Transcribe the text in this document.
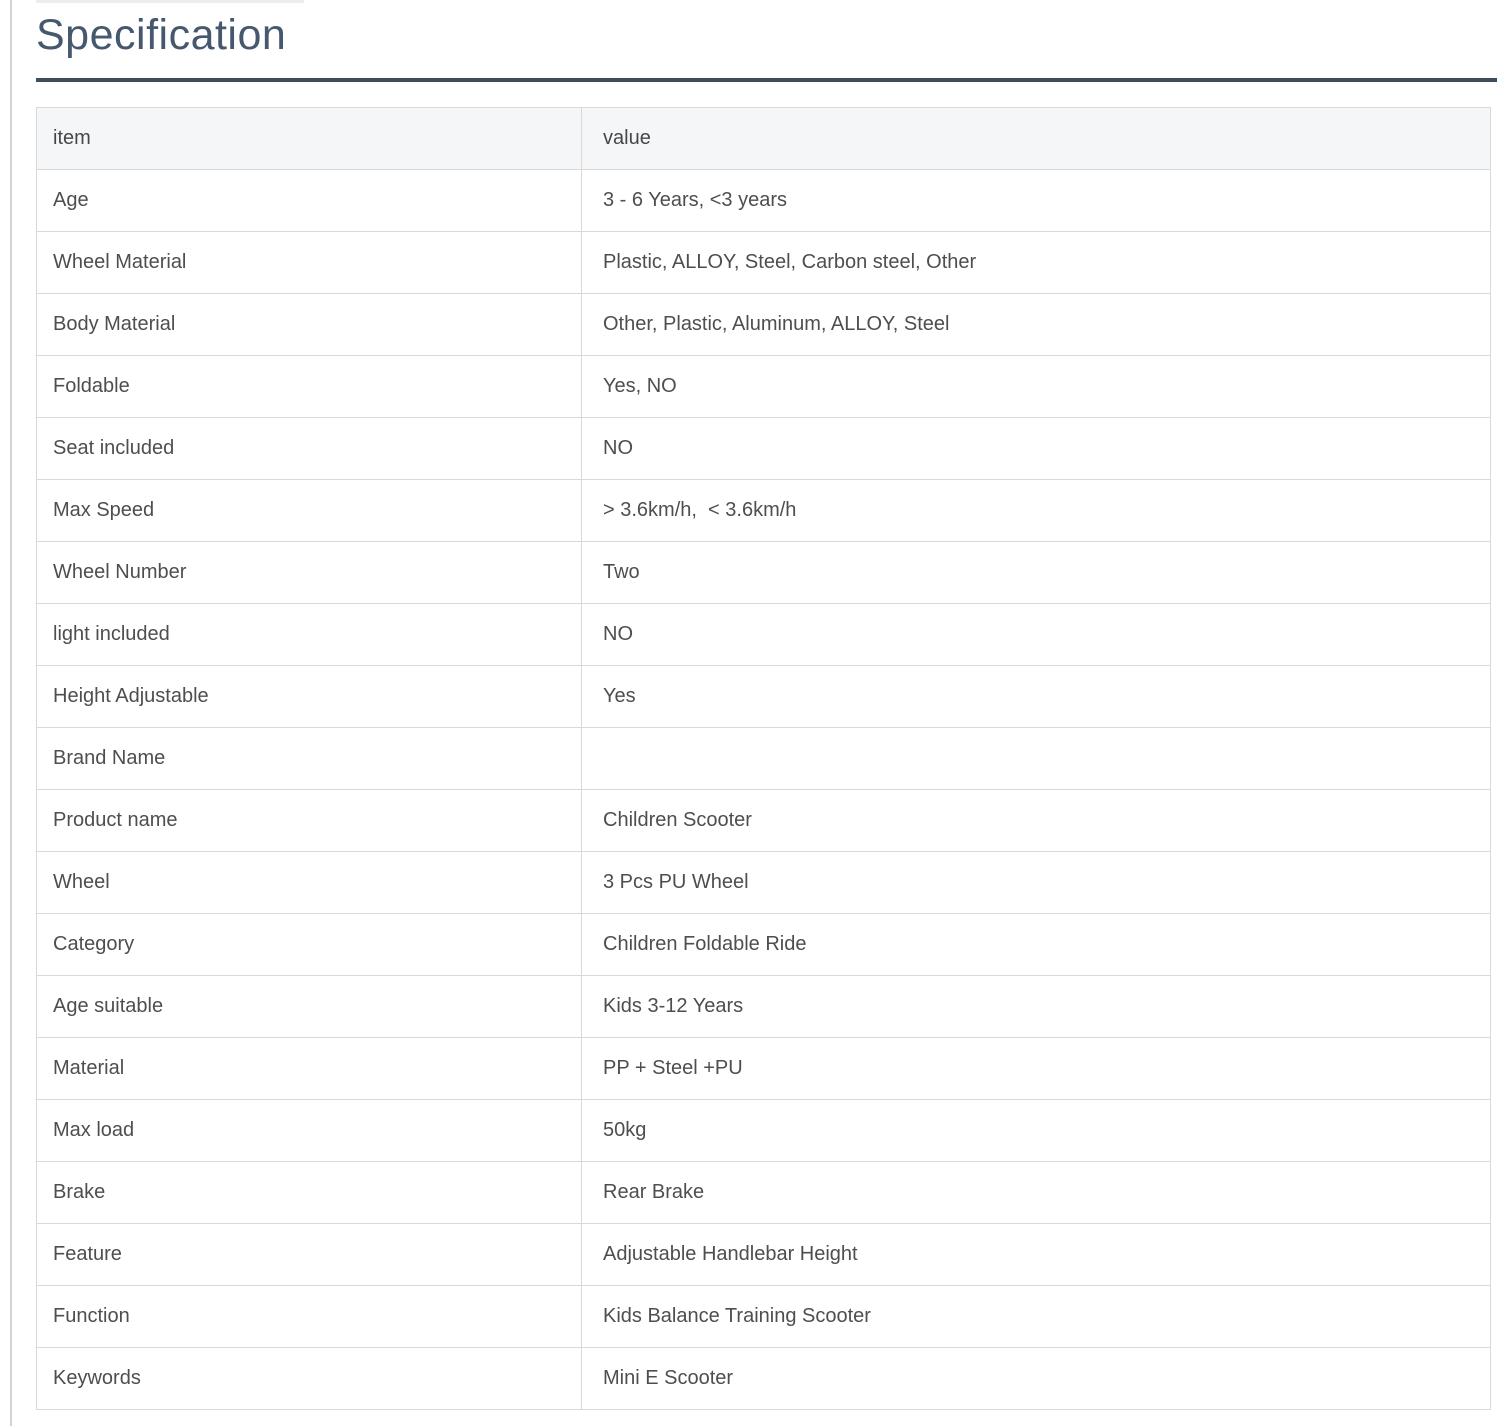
Specification
item	value
Age	3 - 6 Years, <3 years
Wheel Material	Plastic, ALLOY, Steel, Carbon steel, Other
Body Material	Other, Plastic, Aluminum, ALLOY, Steel
Foldable	Yes, NO
Seat included	NO
Max Speed	> 3.6km/h,  < 3.6km/h
Wheel Number	Two
light included	NO
Height Adjustable	Yes
Brand Name	
Product name	Children Scooter
Wheel	3 Pcs PU Wheel
Category	Children Foldable Ride
Age suitable	Kids 3-12 Years
Material	PP + Steel +PU
Max load	50kg
Brake	Rear Brake
Feature	Adjustable Handlebar Height
Function	Kids Balance Training Scooter
Keywords	Mini E Scooter
